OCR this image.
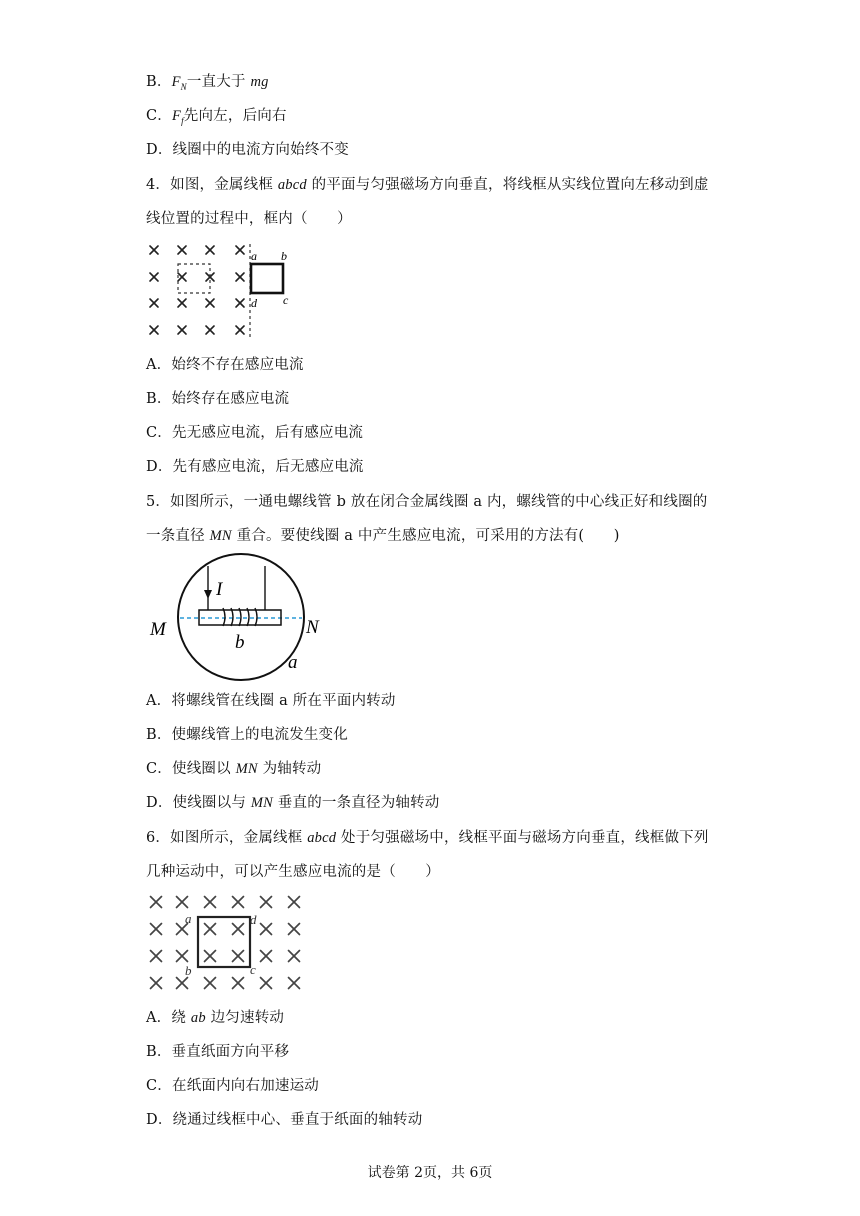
B．$F_N$一直大于 mg
C．$F_f$先向左，后向右
D．线圈中的电流方向始终不变
4．如图，金属线框 abcd 的平面与匀强磁场方向垂直，将线框从实线位置向左移动到虚
线位置的过程中，框内（　　）
a b
c
d
A．始终不存在感应电流
B．始终存在感应电流
C．先无感应电流，后有感应电流
D．先有感应电流，后无感应电流
5．如图所示，一通电螺线管 b 放在闭合金属线圈 a 内，螺线管的中心线正好和线圈的
一条直径 MN 重合。要使线圈 a 中产生感应电流，可采用的方法有(　　)
I
M	N
b
a
A．将螺线管在线圈 a 所在平面内转动
B．使螺线管上的电流发生变化
C．使线圈以 MN 为轴转动
D．使线圈以与 MN 垂直的一条直径为轴转动
6．如图所示，金属线框 abcd 处于匀强磁场中，线框平面与磁场方向垂直，线框做下列
几种运动中，可以产生感应电流的是（　　）
a
b	c
d
A．绕 ab 边匀速转动
B．垂直纸面方向平移
C．在纸面内向右加速运动
D．绕通过线框中心、垂直于纸面的轴转动
试卷第 2页，共 6页
